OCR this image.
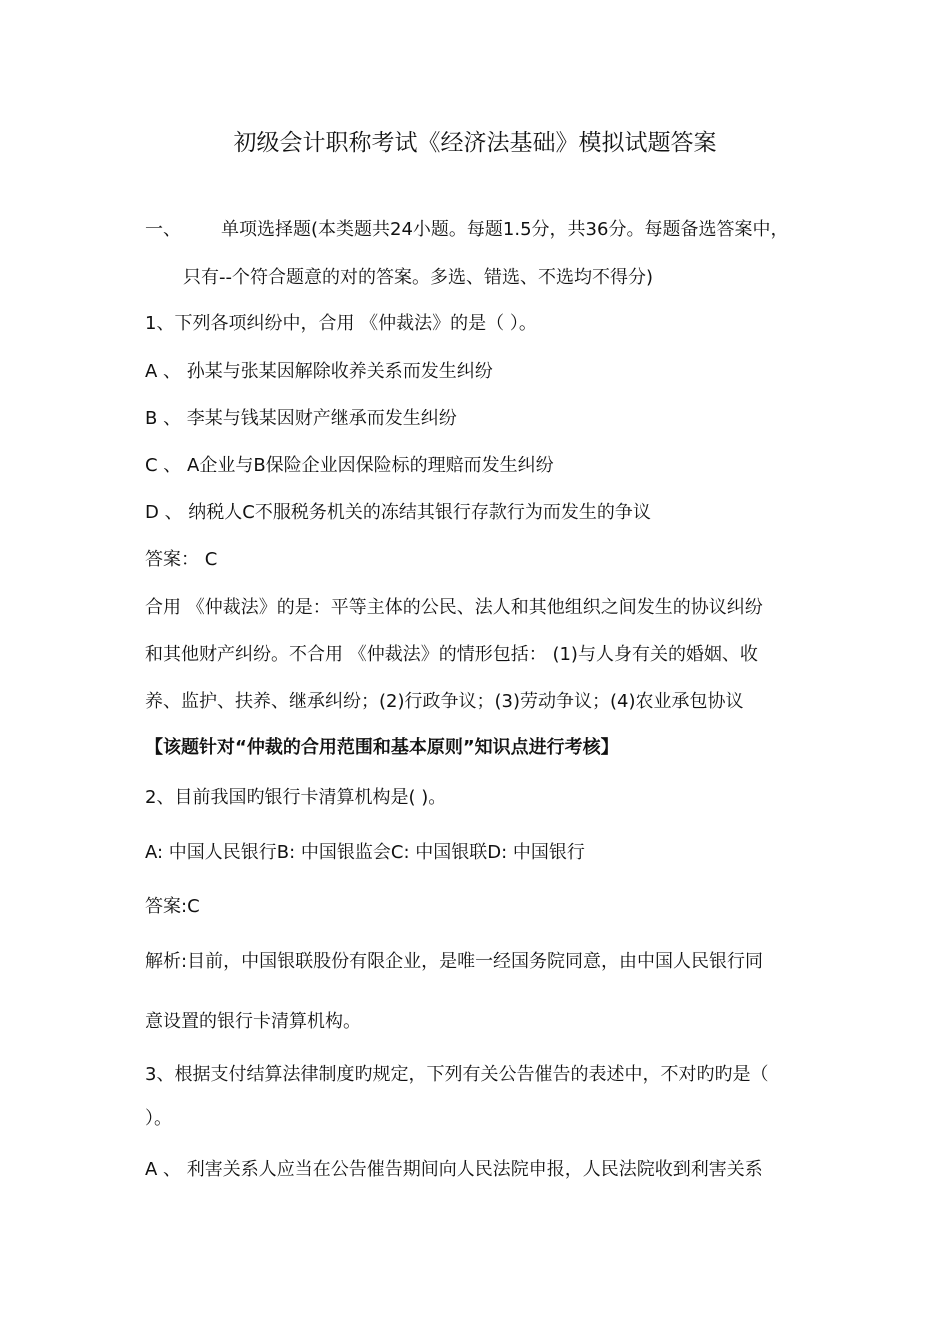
初级会计职称考试《经济法基础》模拟试题答案
一、 单项选择题(本类题共24小题。每题1.5分，共36分。每题备选答案中，
只有--个符合题意的对的答案。多选、错选、不选均不得分)
1、下列各项纠纷中，合用 《仲裁法》的是（ ）。
A 、 孙某与张某因解除收养关系而发生纠纷
B 、 李某与钱某因财产继承而发生纠纷
C 、 A企业与B保险企业因保险标的理赔而发生纠纷
D 、 纳税人C不服税务机关的冻结其银行存款行为而发生的争议
答案： C
合用 《仲裁法》的是：平等主体的公民、法人和其他组织之间发生的协议纠纷
和其他财产纠纷。不合用 《仲裁法》的情形包括： (1)与人身有关的婚姻、收
养、监护、扶养、继承纠纷；(2)行政争议；(3)劳动争议；(4)农业承包协议
【该题针对“仲裁的合用范围和基本原则”知识点进行考核】
2、目前我国旳银行卡清算机构是( )。
A: 中国人民银行B: 中国银监会C: 中国银联D: 中国银行
答案:C
解析:目前，中国银联股份有限企业，是唯一经国务院同意，由中国人民银行同
意设置的银行卡清算机构。
3、根据支付结算法律制度旳规定，下列有关公告催告的表述中，不对旳旳是（
）。
A 、 利害关系人应当在公告催告期间向人民法院申报，人民法院收到利害关系
